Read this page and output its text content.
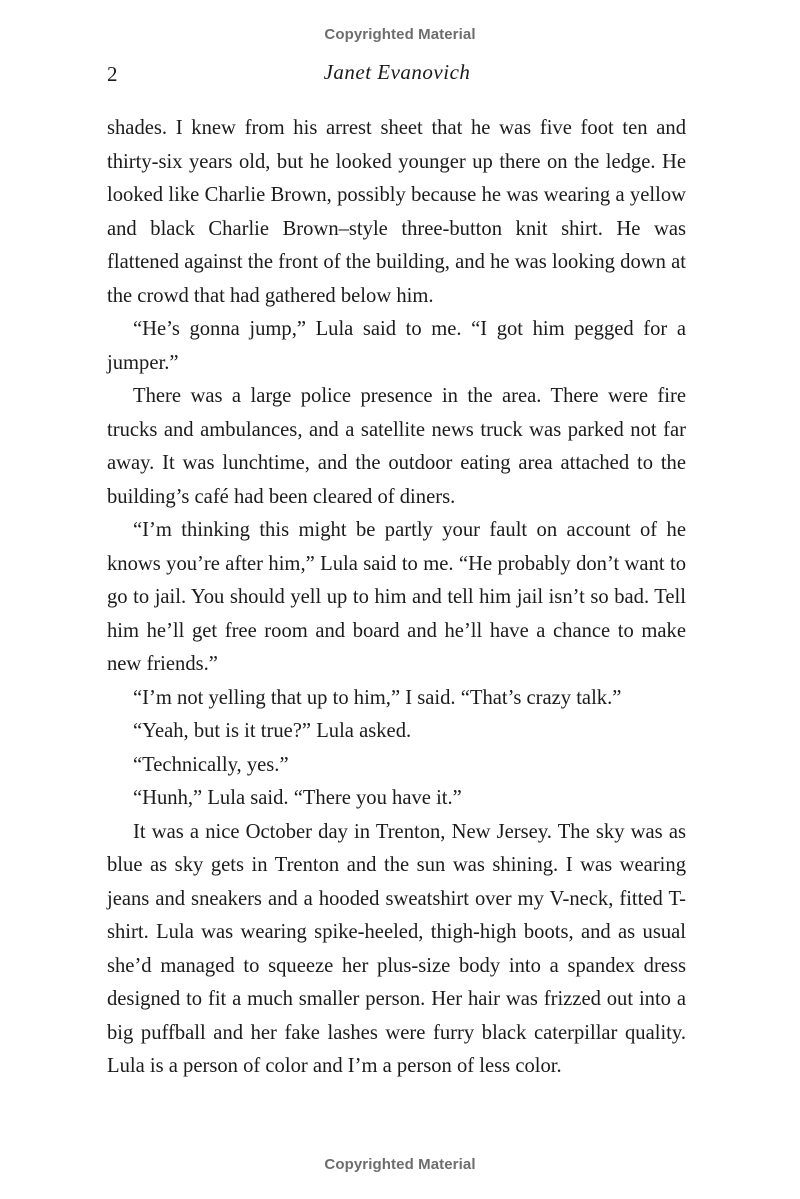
Copyrighted Material
2	Janet Evanovich

shades. I knew from his arrest sheet that he was five foot ten and thirty-six years old, but he looked younger up there on the ledge. He looked like Charlie Brown, possibly because he was wearing a yellow and black Charlie Brown–style three-button knit shirt. He was flattened against the front of the building, and he was looking down at the crowd that had gathered below him.

“He’s gonna jump,” Lula said to me. “I got him pegged for a jumper.”

There was a large police presence in the area. There were fire trucks and ambulances, and a satellite news truck was parked not far away. It was lunchtime, and the outdoor eating area attached to the building’s café had been cleared of diners.

“I’m thinking this might be partly your fault on account of he knows you’re after him,” Lula said to me. “He probably don’t want to go to jail. You should yell up to him and tell him jail isn’t so bad. Tell him he’ll get free room and board and he’ll have a chance to make new friends.”

“I’m not yelling that up to him,” I said. “That’s crazy talk.”

“Yeah, but is it true?” Lula asked.

“Technically, yes.”

“Hunh,” Lula said. “There you have it.”

It was a nice October day in Trenton, New Jersey. The sky was as blue as sky gets in Trenton and the sun was shining. I was wearing jeans and sneakers and a hooded sweatshirt over my V-neck, fitted T-shirt. Lula was wearing spike-heeled, thigh-high boots, and as usual she’d managed to squeeze her plus-size body into a spandex dress designed to fit a much smaller person. Her hair was frizzed out into a big puffball and her fake lashes were furry black caterpillar quality. Lula is a person of color and I’m a person of less color.

Copyrighted Material
